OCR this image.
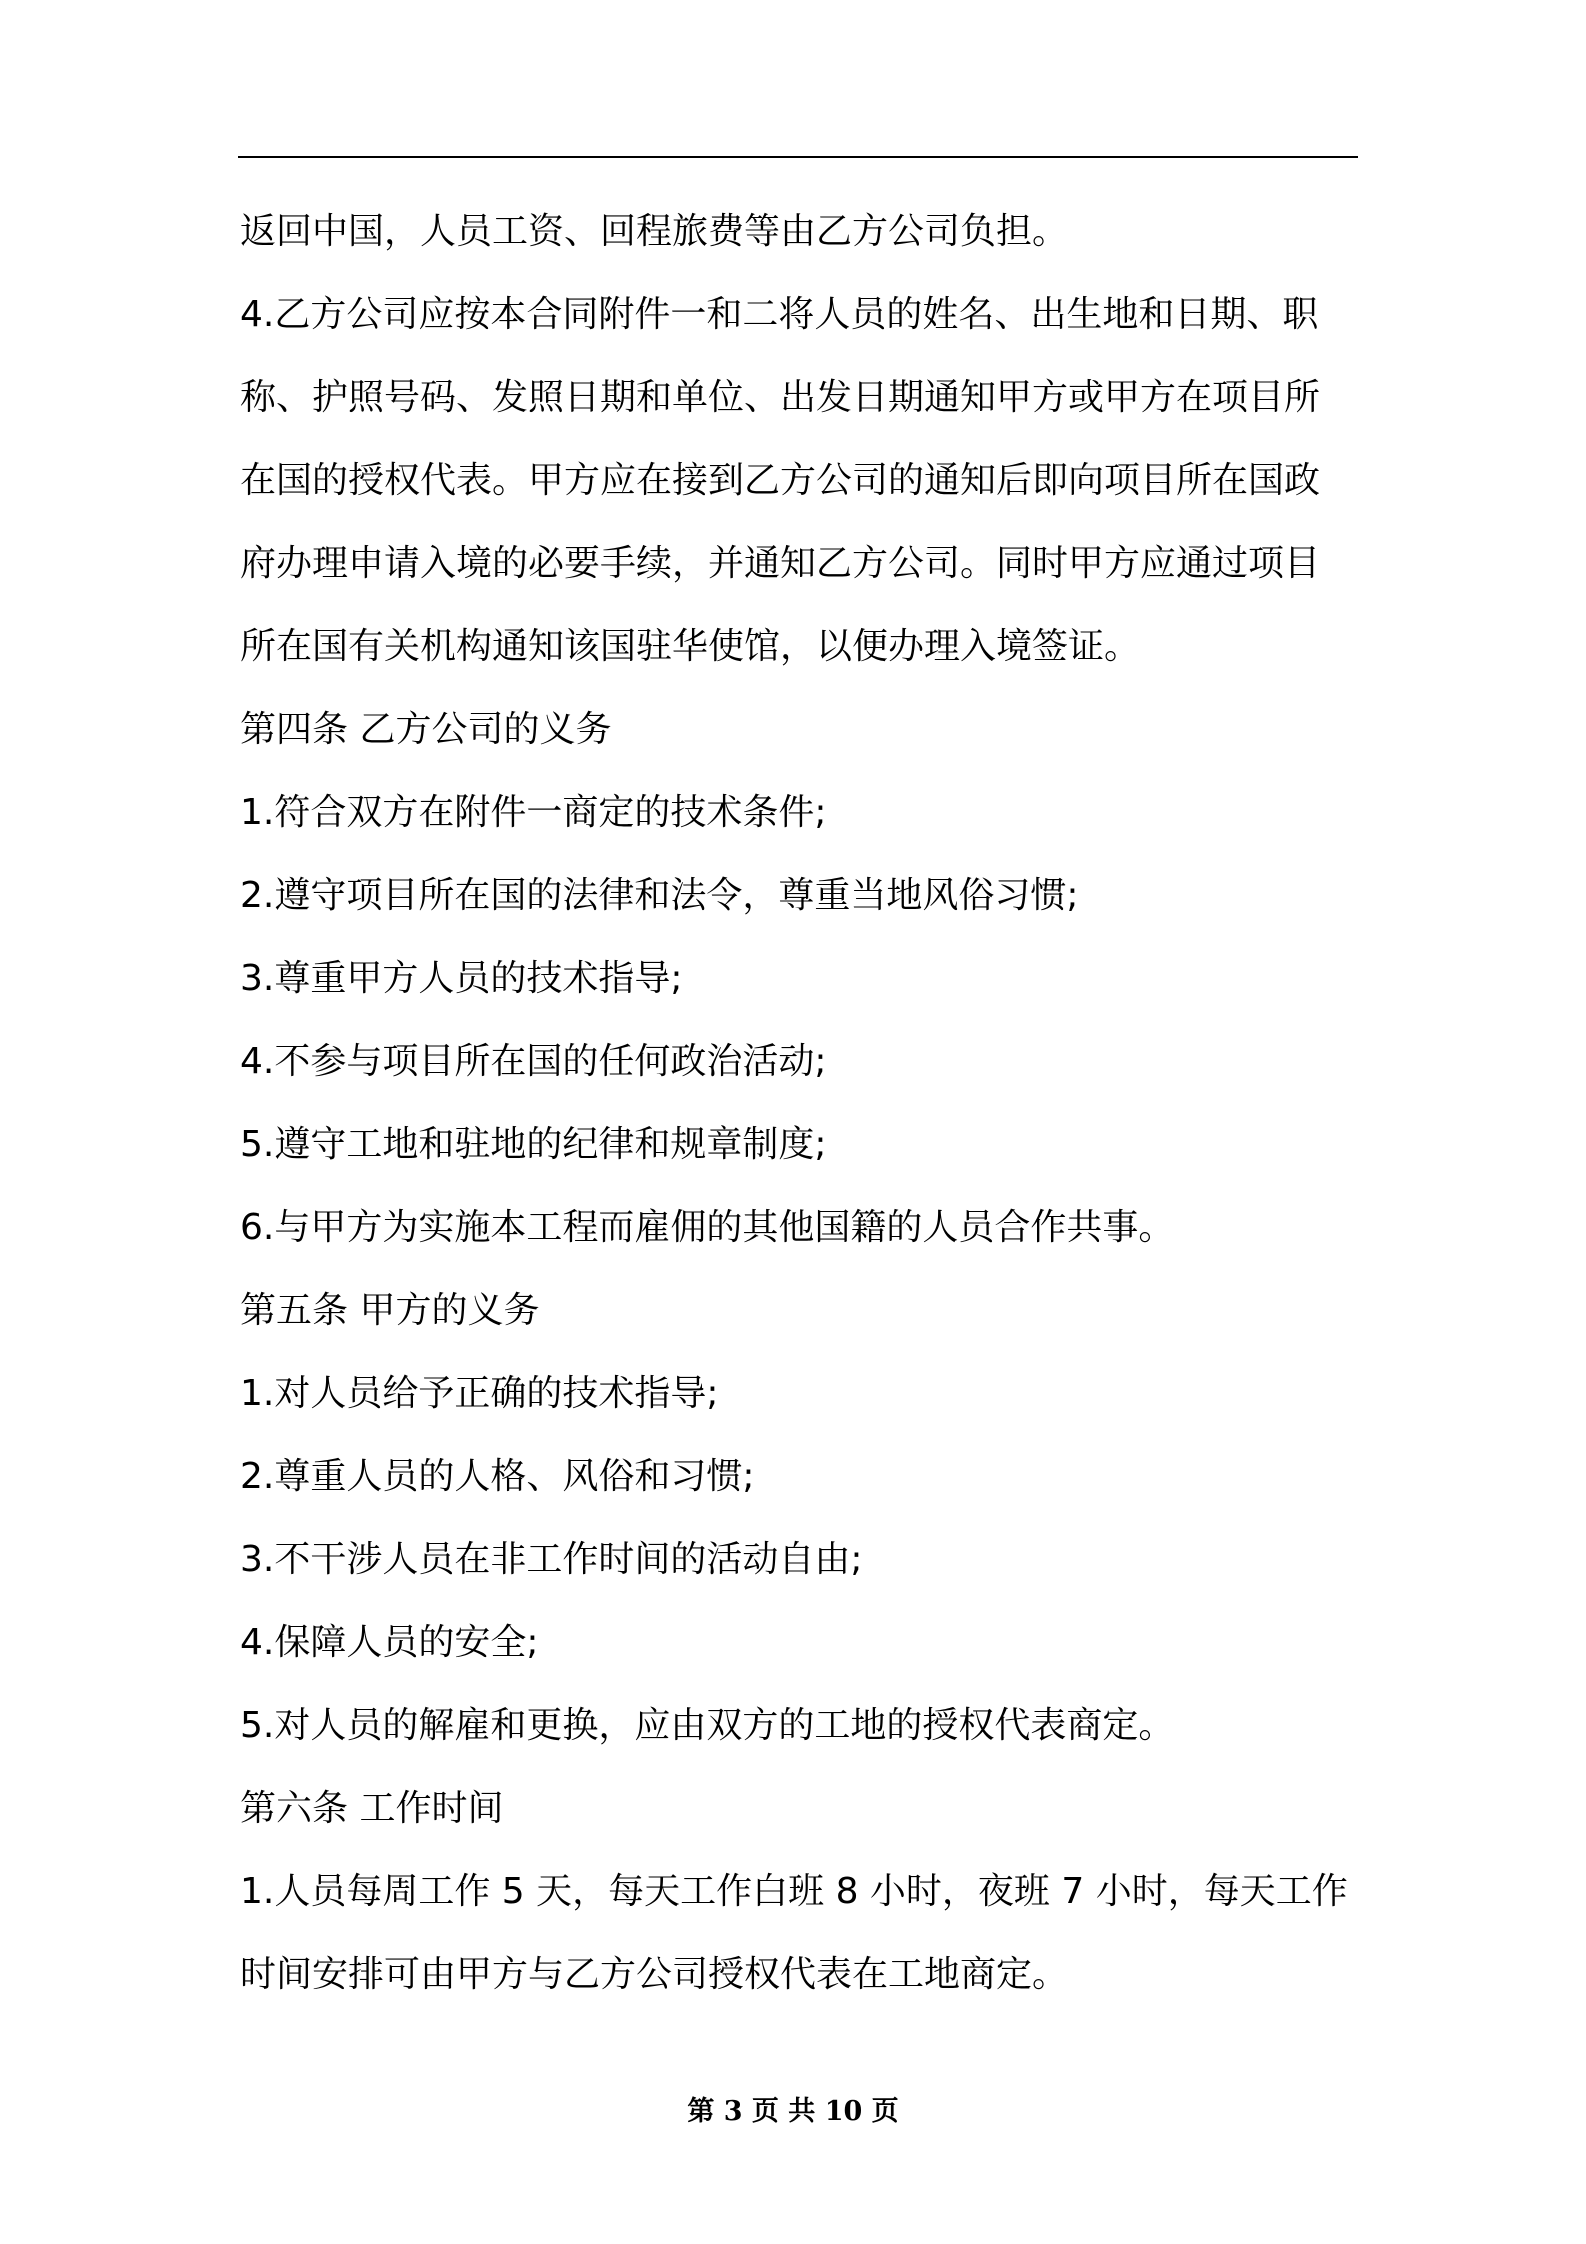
返回中国，人员工资、回程旅费等由乙方公司负担。
4.乙方公司应按本合同附件一和二将人员的姓名、出生地和日期、职
称、护照号码、发照日期和单位、出发日期通知甲方或甲方在项目所
在国的授权代表。甲方应在接到乙方公司的通知后即向项目所在国政
府办理申请入境的必要手续，并通知乙方公司。同时甲方应通过项目
所在国有关机构通知该国驻华使馆，以便办理入境签证。
第四条 乙方公司的义务
1.符合双方在附件一商定的技术条件;
2.遵守项目所在国的法律和法令，尊重当地风俗习惯;
3.尊重甲方人员的技术指导;
4.不参与项目所在国的任何政治活动;
5.遵守工地和驻地的纪律和规章制度;
6.与甲方为实施本工程而雇佣的其他国籍的人员合作共事。
第五条 甲方的义务
1.对人员给予正确的技术指导;
2.尊重人员的人格、风俗和习惯;
3.不干涉人员在非工作时间的活动自由;
4.保障人员的安全;
5.对人员的解雇和更换，应由双方的工地的授权代表商定。
第六条 工作时间
1.人员每周工作 5 天，每天工作白班 8 小时，夜班 7 小时，每天工作
时间安排可由甲方与乙方公司授权代表在工地商定。
第 3 页 共 10 页
